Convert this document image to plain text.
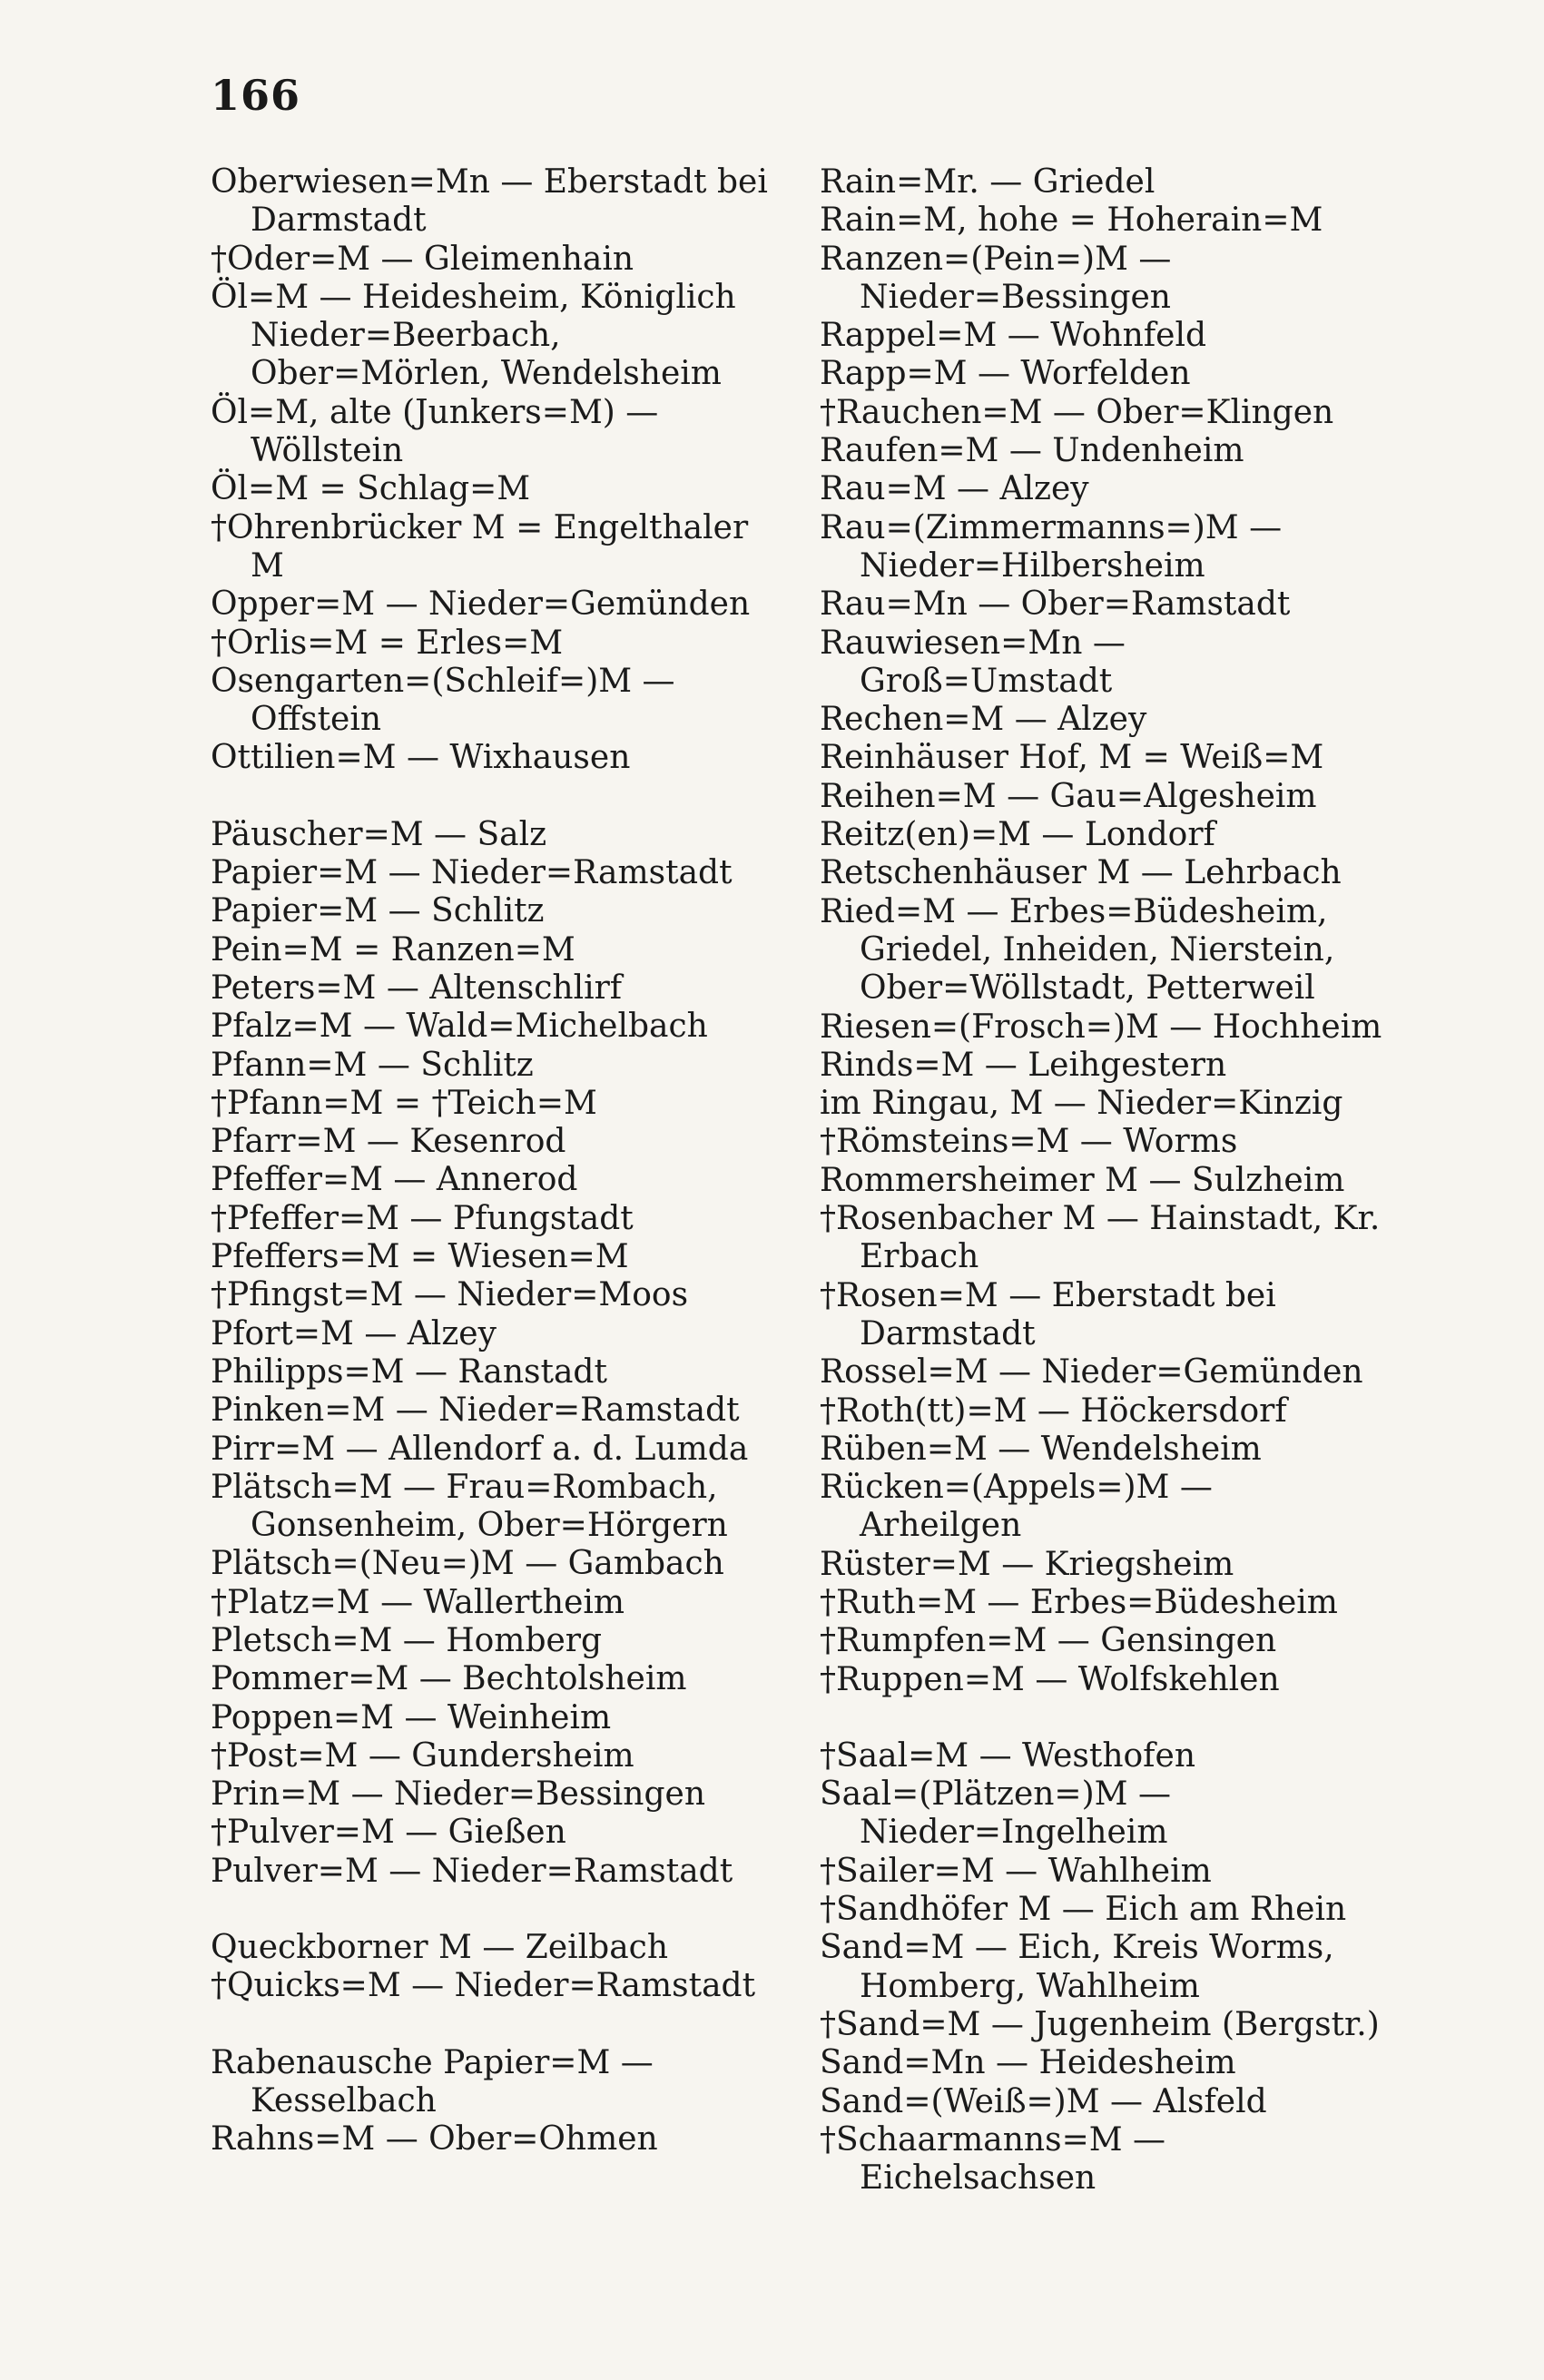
166

Oberwiesen=Mn — Eberstadt bei Darmstadt

†Oder=M — Gleimenhain

Öl=M — Heidesheim, Königlich Nieder=Beerbach, Ober=Mörlen, Wendelsheim

Öl=M, alte (Junkers=M) — Wöllstein

Öl=M = Schlag=M

†Ohrenbrücker M = Engelthaler M

Opper=M — Nieder=Gemünden

†Orlis=M = Erles=M

Osengarten=(Schleif=)M — Offstein

Ottilien=M — Wixhausen

Päuscher=M — Salz

Papier=M — Nieder=Ramstadt

Papier=M — Schlitz

Pein=M = Ranzen=M

Peters=M — Altenschlirf

Pfalz=M — Wald=Michelbach

Pfann=M — Schlitz

†Pfann=M = †Teich=M

Pfarr=M — Kesenrod

Pfeffer=M — Annerod

†Pfeffer=M — Pfungstadt

Pfeffers=M = Wiesen=M

†Pfingst=M — Nieder=Moos

Pfort=M — Alzey

Philipps=M — Ranstadt

Pinken=M — Nieder=Ramstadt

Pirr=M — Allendorf a. d. Lumda

Plätsch=M — Frau=Rombach, Gonsenheim, Ober=Hörgern

Plätsch=(Neu=)M — Gambach

†Platz=M — Wallertheim

Pletsch=M — Homberg

Pommer=M — Bechtolsheim

Poppen=M — Weinheim

†Post=M — Gundersheim

Prin=M — Nieder=Bessingen

†Pulver=M — Gießen

Pulver=M — Nieder=Ramstadt

Queckborner M — Zeilbach

†Quicks=M — Nieder=Ramstadt

Rabenausche Papier=M — Kesselbach

Rahns=M — Ober=Ohmen

Rain=Mr. — Griedel

Rain=M, hohe = Hoherain=M

Ranzen=(Pein=)M — Nieder=Bessingen

Rappel=M — Wohnfeld

Rapp=M — Worfelden

†Rauchen=M — Ober=Klingen

Raufen=M — Undenheim

Rau=M — Alzey

Rau=(Zimmermanns=)M — Nieder=Hilbersheim

Rau=Mn — Ober=Ramstadt

Rauwiesen=Mn — Groß=Umstadt

Rechen=M — Alzey

Reinhäuser Hof, M = Weiß=M

Reihen=M — Gau=Algesheim

Reitz(en)=M — Londorf

Retschenhäuser M — Lehrbach

Ried=M — Erbes=Büdesheim, Griedel, Inheiden, Nierstein, Ober=Wöllstadt, Petterweil

Riesen=(Frosch=)M — Hochheim

Rinds=M — Leihgestern

im Ringau, M — Nieder=Kinzig

†Römsteins=M — Worms

Rommersheimer M — Sulzheim

†Rosenbacher M — Hainstadt, Kr. Erbach

†Rosen=M — Eberstadt bei Darmstadt

Rossel=M — Nieder=Gemünden

†Roth(tt)=M — Höckersdorf

Rüben=M — Wendelsheim

Rücken=(Appels=)M — Arheilgen

Rüster=M — Kriegsheim

†Ruth=M — Erbes=Büdesheim

†Rumpfen=M — Gensingen

†Ruppen=M — Wolfskehlen

†Saal=M — Westhofen

Saal=(Plätzen=)M — Nieder=Ingelheim

†Sailer=M — Wahlheim

†Sandhöfer M — Eich am Rhein

Sand=M — Eich, Kreis Worms, Homberg, Wahlheim

†Sand=M — Jugenheim (Bergstr.)

Sand=Mn — Heidesheim

Sand=(Weiß=)M — Alsfeld

†Schaarmanns=M — Eichelsachsen
